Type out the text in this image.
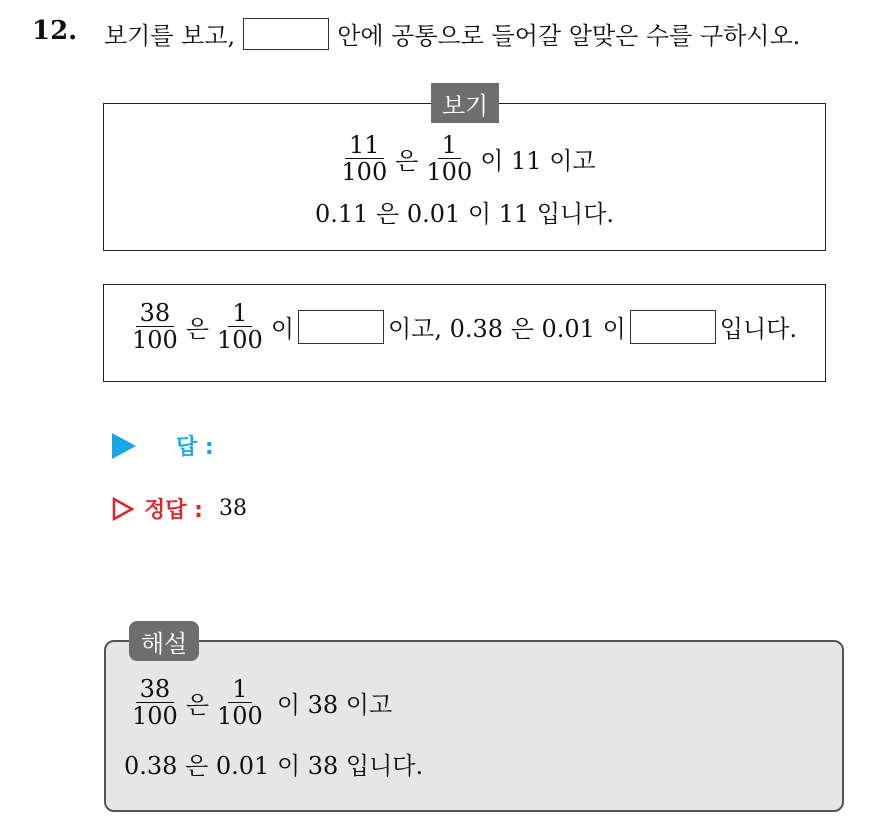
12. 보기를 보고,	안에 공통으로 들어갈 알맞은 수를 구하시오.
보기
$\frac{11}{100}$ 은 $\frac{1}{100}$ 이 11 이고
0.11 은 0.01 이 11 입니다.
$\frac{38}{100}$ 은 $\frac{1}{100}$ 이	이고, 0.38 은 0.01 이	입니다.
답 :
정답 : 38
해설
$\frac{38}{100}$ 은 $\frac{1}{100}$ 이 38 이고
0.38 은 0.01 이 38 입니다.
